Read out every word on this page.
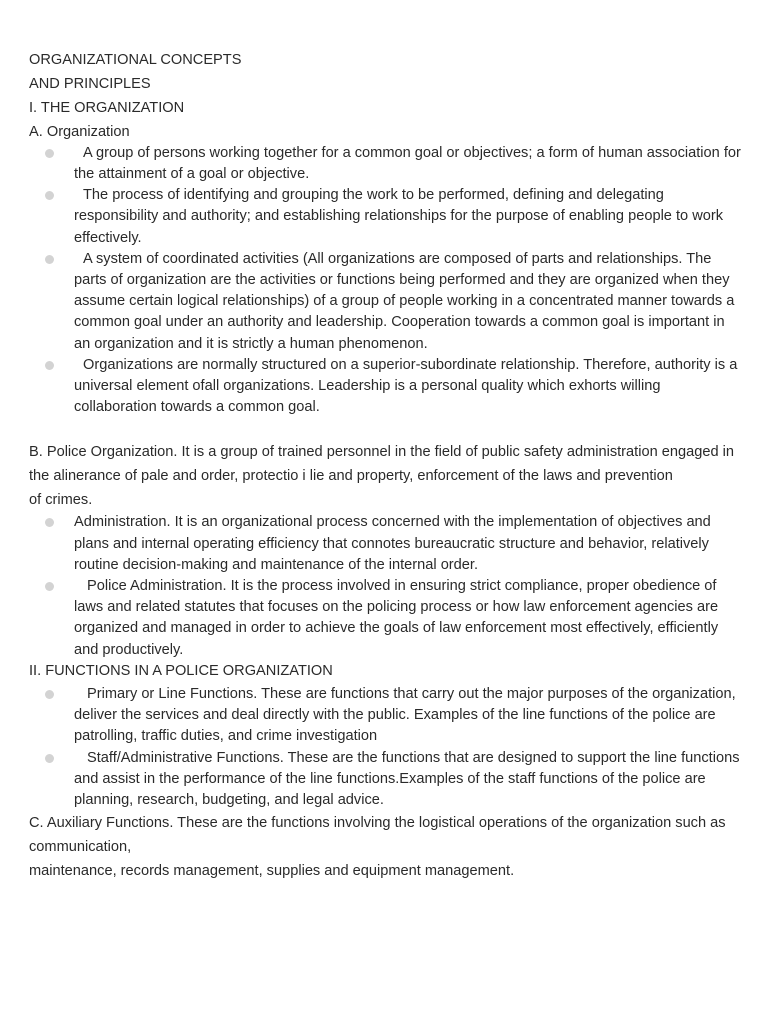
ORGANIZATIONAL CONCEPTS
AND PRINCIPLES
I. THE ORGANIZATION
A. Organization
A group of persons working together for a common goal or objectives; a form of human association for the attainment of a goal or objective.
The process of identifying and grouping the work to be performed, defining and delegating responsibility and authority; and establishing relationships for the purpose of enabling people to work effectively.
A system of coordinated activities (All organizations are composed of parts and relationships. The parts of organization are the activities or functions being performed and they are organized when they assume certain logical relationships) of a group of people working in a concentrated manner towards a common goal under an authority and leadership. Cooperation towards a common goal is important in an organization and it is strictly a human phenomenon.
Organizations are normally structured on a superior-subordinate relationship. Therefore, authority is a universal element ofall organizations. Leadership is a personal quality which exhorts willing collaboration towards a common goal.

B. Police Organization. It is a group of trained personnel in the field of public safety administration engaged in the alinerance of pale and order, protectio i lie and property, enforcement of the laws and prevention

of crimes.

Administration. It is an organizational process concerned with the implementation of objectives and plans and internal operating efficiency that connotes bureaucratic structure and behavior, relatively routine decision-making and maintenance of the internal order.
Police Administration. It is the process involved in ensuring strict compliance, proper obedience of laws and related statutes that focuses on the policing process or how law enforcement agencies are organized and managed in order to achieve the goals of law enforcement most effectively, efficiently and productively.
II. FUNCTIONS IN A POLICE ORGANIZATION
Primary or Line Functions. These are functions that carry out the major purposes of the organization, deliver the services and deal directly with the public. Examples of the line functions of the police are patrolling, traffic duties, and crime investigation
Staff/Administrative Functions. These are the functions that are designed to support the line functions and assist in the performance of the line functions.Examples of the staff functions of the police are planning, research, budgeting, and legal advice.

C. Auxiliary Functions. These are the functions involving the logistical operations of the organization such as communication,

maintenance, records management, supplies and equipment management.
